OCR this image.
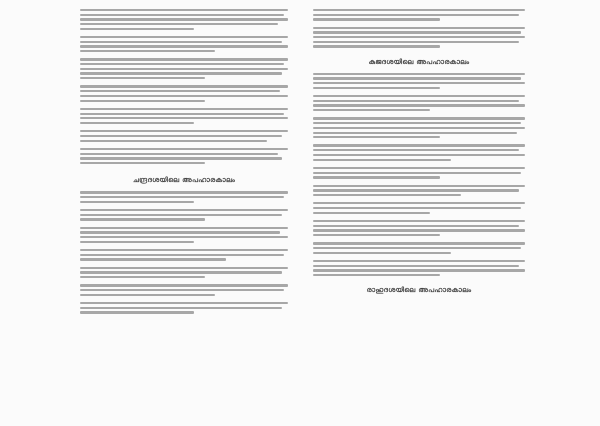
ചന്ദ്രദശയിലെ അപഹാരകാലം
കുജദശയിലെ അപഹാരകാലം
രാഹുദശയിലെ അപഹാരകാലം
